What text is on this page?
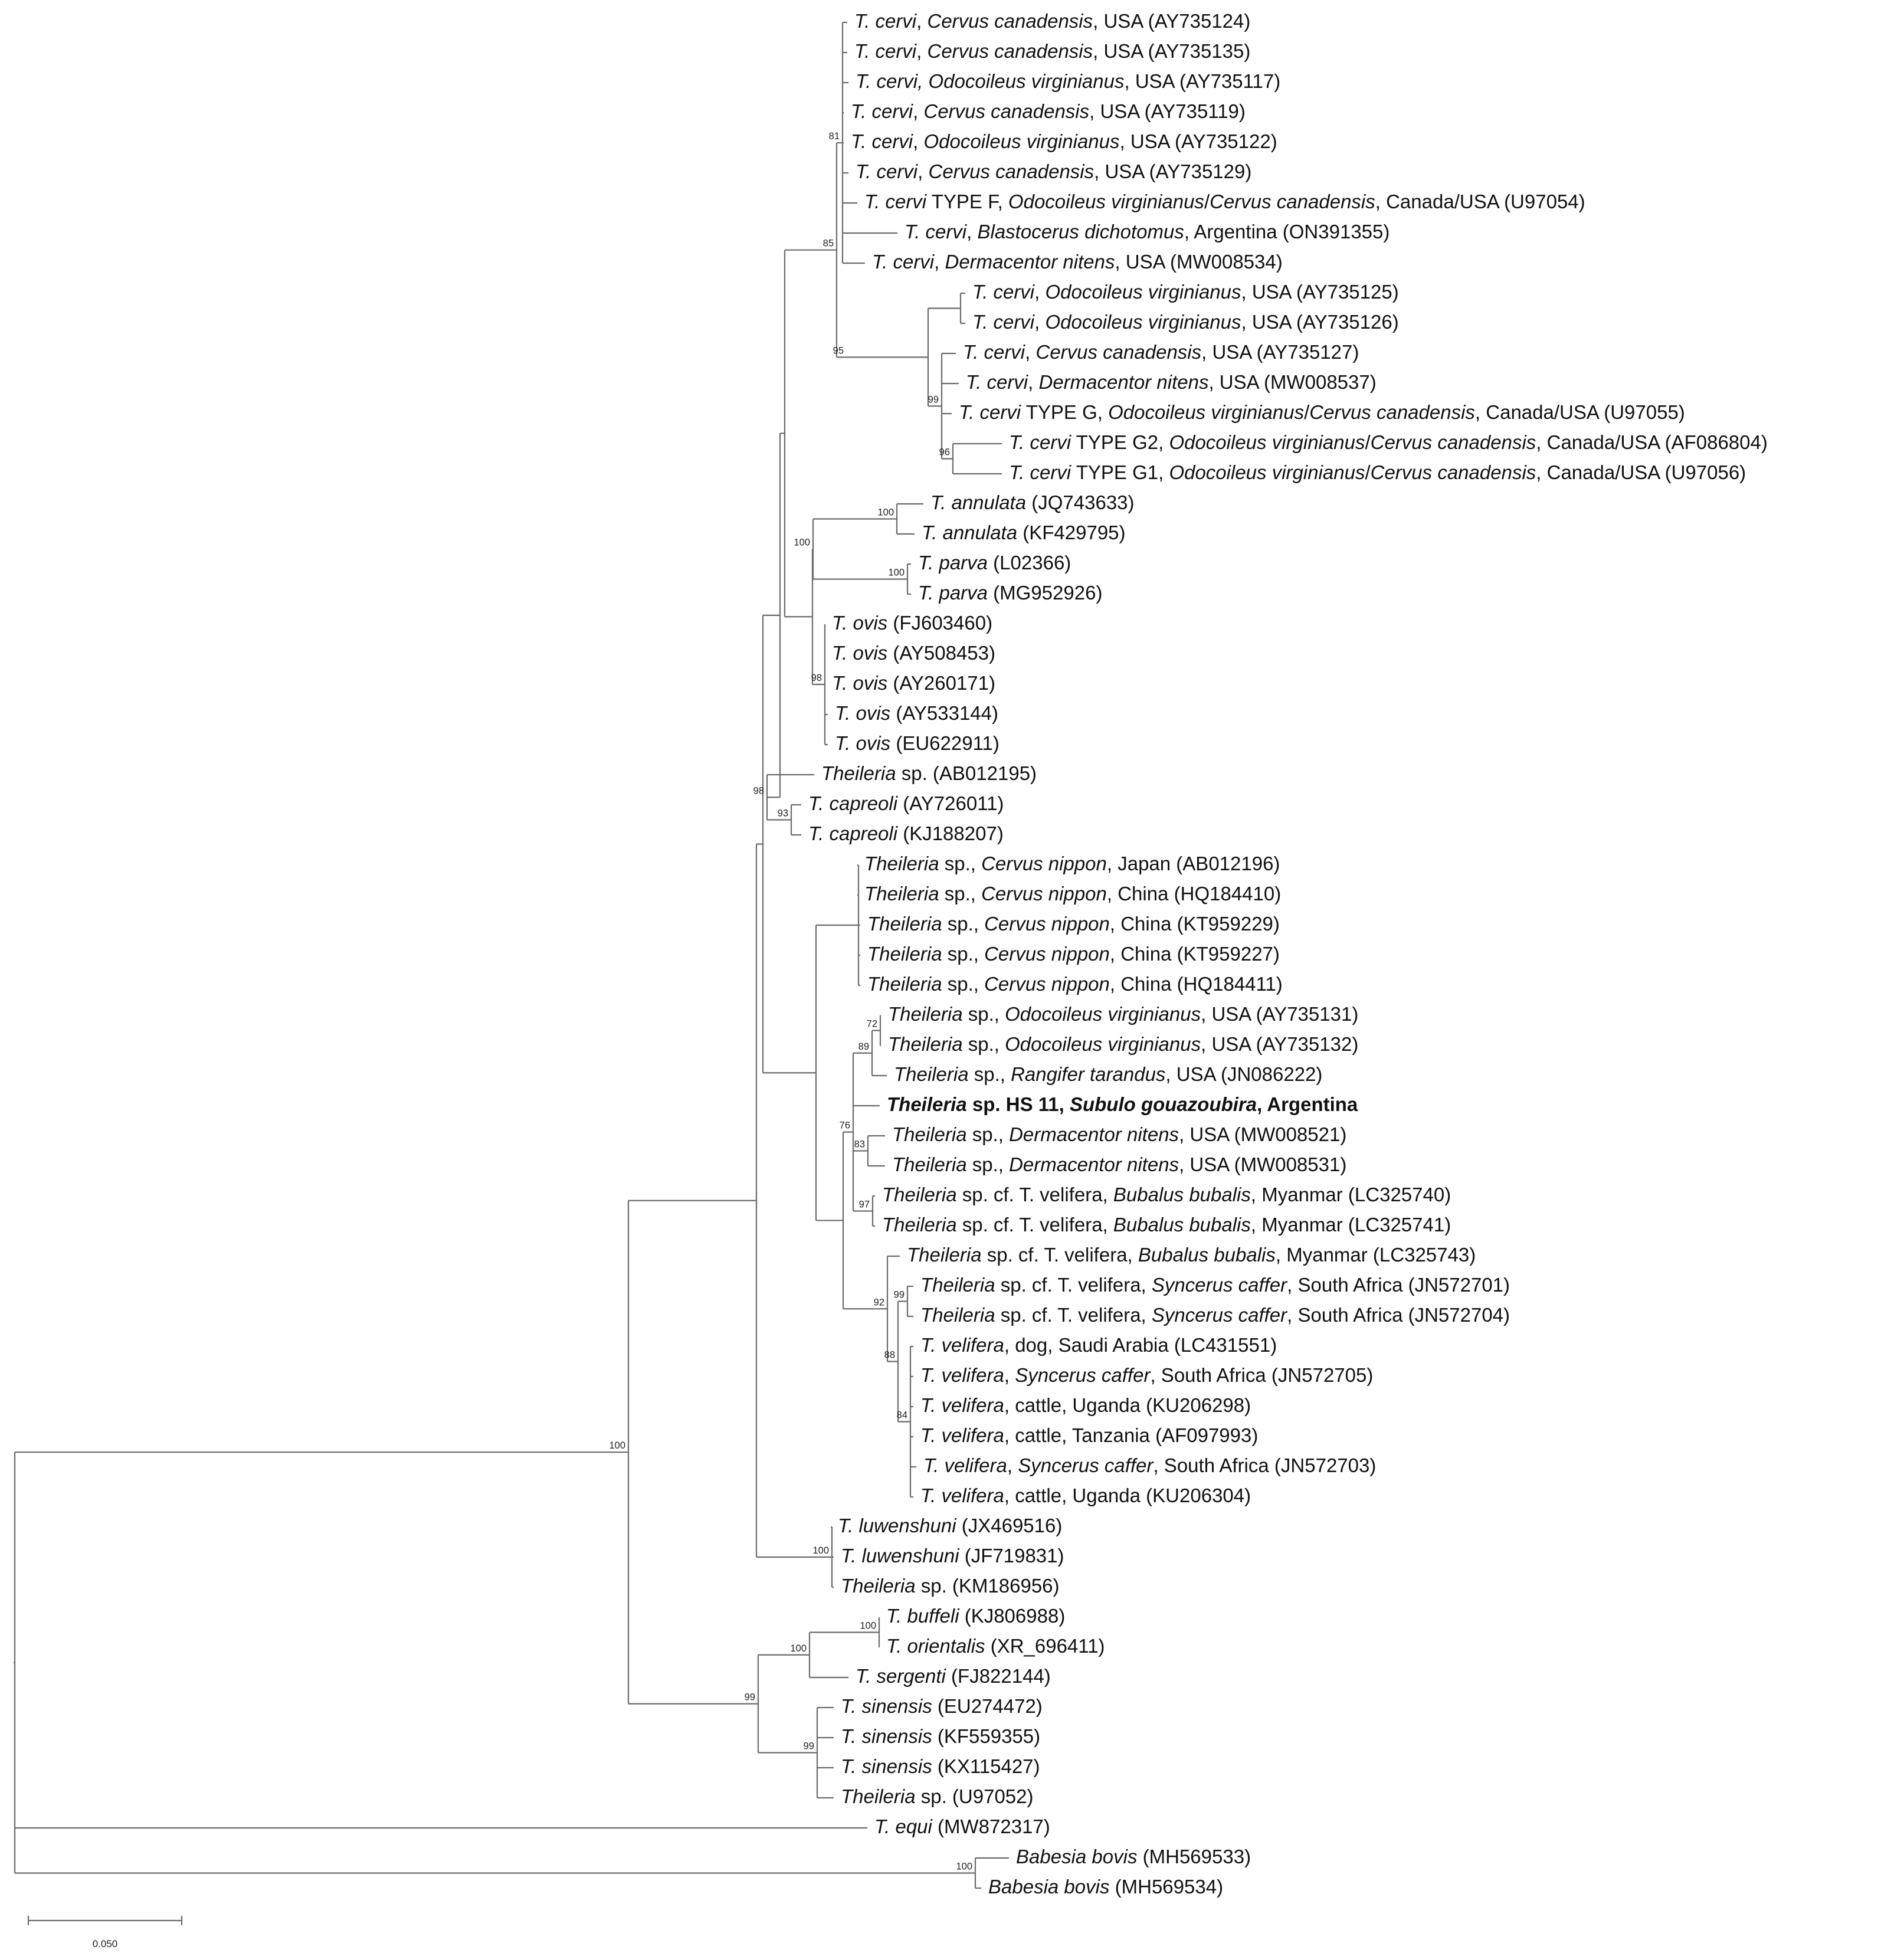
81
96
99
95
85
100
100
100
98
93
98
72
89
83
97
76
99
84
88
92
100
100
100
99
99
100
100
T. cervi, Cervus canadensis, USA (AY735124)
T. cervi, Cervus canadensis, USA (AY735135)
T. cervi, Odocoileus virginianus, USA (AY735117)
T. cervi, Cervus canadensis, USA (AY735119)
T. cervi, Odocoileus virginianus, USA (AY735122)
T. cervi, Cervus canadensis, USA (AY735129)
T. cervi TYPE F, Odocoileus virginianus/Cervus canadensis, Canada/USA (U97054)
T. cervi, Blastocerus dichotomus, Argentina (ON391355)
T. cervi, Dermacentor nitens, USA (MW008534)
T. cervi, Odocoileus virginianus, USA (AY735125)
T. cervi, Odocoileus virginianus, USA (AY735126)
T. cervi, Cervus canadensis, USA (AY735127)
T. cervi, Dermacentor nitens, USA (MW008537)
T. cervi TYPE G, Odocoileus virginianus/Cervus canadensis, Canada/USA (U97055)
T. cervi TYPE G2, Odocoileus virginianus/Cervus canadensis, Canada/USA (AF086804)
T. cervi TYPE G1, Odocoileus virginianus/Cervus canadensis, Canada/USA (U97056)
T. annulata (JQ743633)
T. annulata (KF429795)
T. parva (L02366)
T. parva (MG952926)
T. ovis (FJ603460)
T. ovis (AY508453)
T. ovis (AY260171)
T. ovis (AY533144)
T. ovis (EU622911)
Theileria sp. (AB012195)
T. capreoli (AY726011)
T. capreoli (KJ188207)
Theileria sp., Cervus nippon, Japan (AB012196)
Theileria sp., Cervus nippon, China (HQ184410)
Theileria sp., Cervus nippon, China (KT959229)
Theileria sp., Cervus nippon, China (KT959227)
Theileria sp., Cervus nippon, China (HQ184411)
Theileria sp., Odocoileus virginianus, USA (AY735131)
Theileria sp., Odocoileus virginianus, USA (AY735132)
Theileria sp., Rangifer tarandus, USA (JN086222)
Theileria sp. HS 11, Subulo gouazoubira, Argentina
Theileria sp., Dermacentor nitens, USA (MW008521)
Theileria sp., Dermacentor nitens, USA (MW008531)
Theileria sp. cf. T. velifera, Bubalus bubalis, Myanmar (LC325740)
Theileria sp. cf. T. velifera, Bubalus bubalis, Myanmar (LC325741)
Theileria sp. cf. T. velifera, Bubalus bubalis, Myanmar (LC325743)
Theileria sp. cf. T. velifera, Syncerus caffer, South Africa (JN572701)
Theileria sp. cf. T. velifera, Syncerus caffer, South Africa (JN572704)
T. velifera, dog, Saudi Arabia (LC431551)
T. velifera, Syncerus caffer, South Africa (JN572705)
T. velifera, cattle, Uganda (KU206298)
T. velifera, cattle, Tanzania (AF097993)
T. velifera, Syncerus caffer, South Africa (JN572703)
T. velifera, cattle, Uganda (KU206304)
T. luwenshuni (JX469516)
T. luwenshuni (JF719831)
Theileria sp. (KM186956)
T. buffeli (KJ806988)
T. orientalis (XR_696411)
T. sergenti (FJ822144)
T. sinensis (EU274472)
T. sinensis (KF559355)
T. sinensis (KX115427)
Theileria sp. (U97052)
T. equi (MW872317)
Babesia bovis (MH569533)
Babesia bovis (MH569534)
0.050
